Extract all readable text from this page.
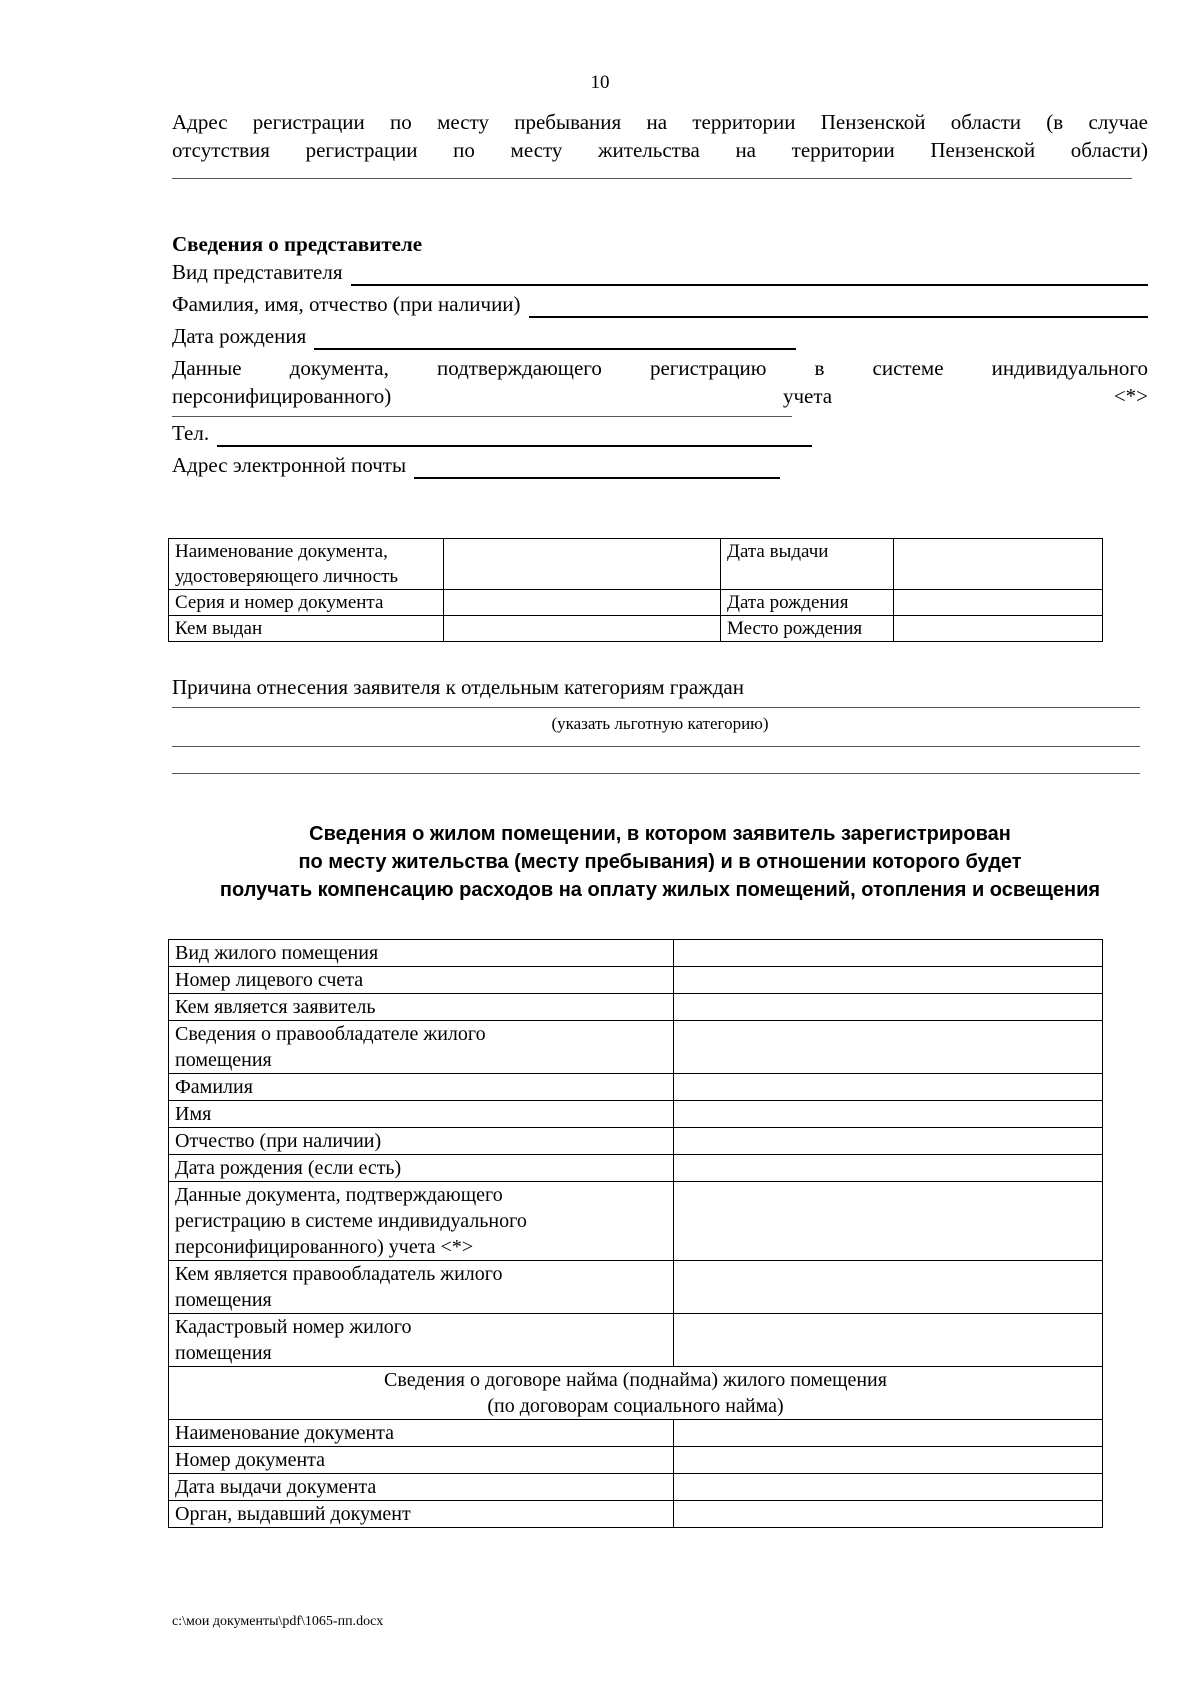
10
Адрес регистрации по месту пребывания на территории Пензенской области (в случае
отсутствия регистрации по месту жительства на территории Пензенской области)
Сведения о представителе
Вид представителя
Фамилия, имя, отчество (при наличии)
Дата рождения
Данные документа, подтверждающего регистрацию в системе индивидуального
персонифицированного)	учета	<*>
Тел.
Адрес электронной почты
Наименование документа, удостоверяющего личность		Дата выдачи	
Серия и номер документа		Дата рождения	
Кем выдан		Место рождения	
Причина отнесения заявителя к отдельным категориям граждан
(указать льготную категорию)
Сведения о жилом помещении, в котором заявитель зарегистрирован
по месту жительства (месту пребывания) и в отношении которого будет
получать компенсацию расходов на оплату жилых помещений, отопления и освещения
Вид жилого помещения	
Номер лицевого счета	
Кем является заявитель	
Сведения о правообладателе жилого помещения	
Фамилия	
Имя	
Отчество (при наличии)	
Дата рождения (если есть)	
Данные документа, подтверждающего регистрацию в системе индивидуального персонифицированного) учета <*>	
Кем является правообладатель жилого помещения	
Кадастровый номер жилого помещения	

Сведения о договоре найма (поднайма) жилого помещения
(по договорам социального найма)	

Наименование документа	
Номер документа	
Дата выдачи документа	
Орган, выдавший документ	
c:\мои документы\pdf\1065-пп.docx
